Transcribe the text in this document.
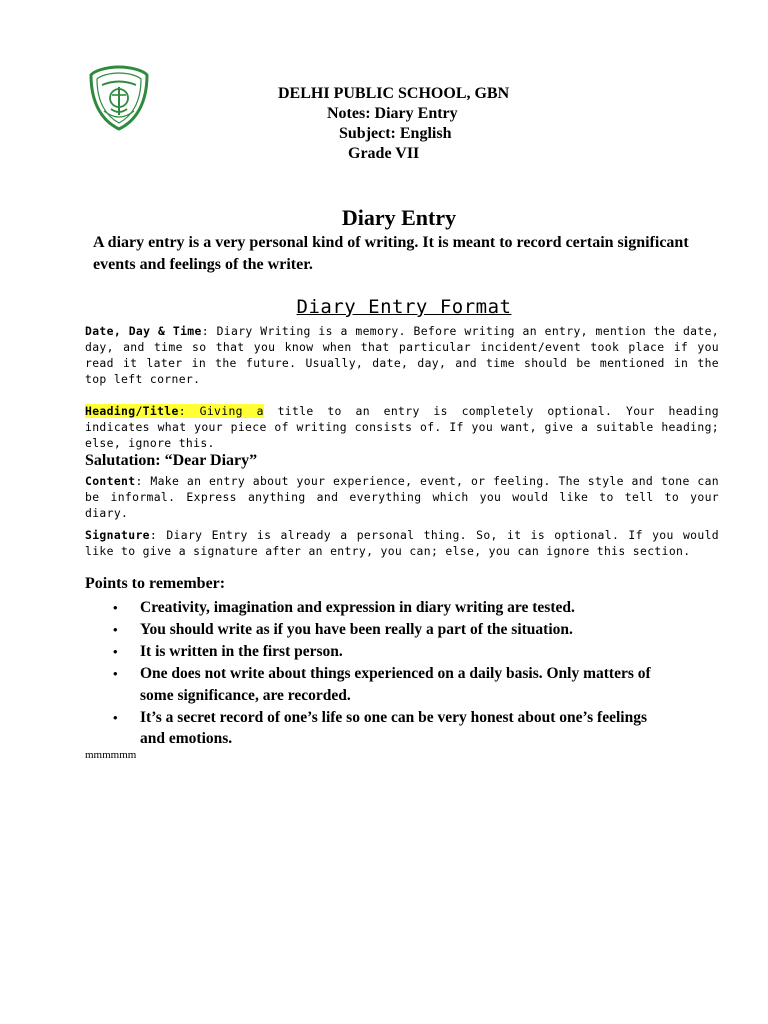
DELHI PUBLIC SCHOOL, GBN
Notes: Diary Entry
Subject: English
Grade VII
Diary Entry
A diary entry is a very personal kind of writing. It is meant to record certain significant events and feelings of the writer.
Diary Entry Format
Date, Day & Time: Diary Writing is a memory. Before writing an entry, mention the date, day, and time so that you know when that particular incident/event took place if you read it later in the future. Usually, date, day, and time should be mentioned in the top left corner.
Heading/Title: Giving a title to an entry is completely optional. Your heading indicates what your piece of writing consists of. If you want, give a suitable heading; else, ignore this.
Salutation: “Dear Diary”
Content: Make an entry about your experience, event, or feeling. The style and tone can be informal. Express anything and everything which you would like to tell to your diary.
Signature: Diary Entry is already a personal thing. So, it is optional. If you would like to give a signature after an entry, you can; else, you can ignore this section.
Points to remember:
• Creativity, imagination and expression in diary writing are tested.
• You should write as if you have been really a part of the situation.
• It is written in the first person.
• One does not write about things experienced on a daily basis. Only matters of some significance, are recorded.
• It’s a secret record of one’s life so one can be very honest about one’s feelings and emotions.
mmmmmm
